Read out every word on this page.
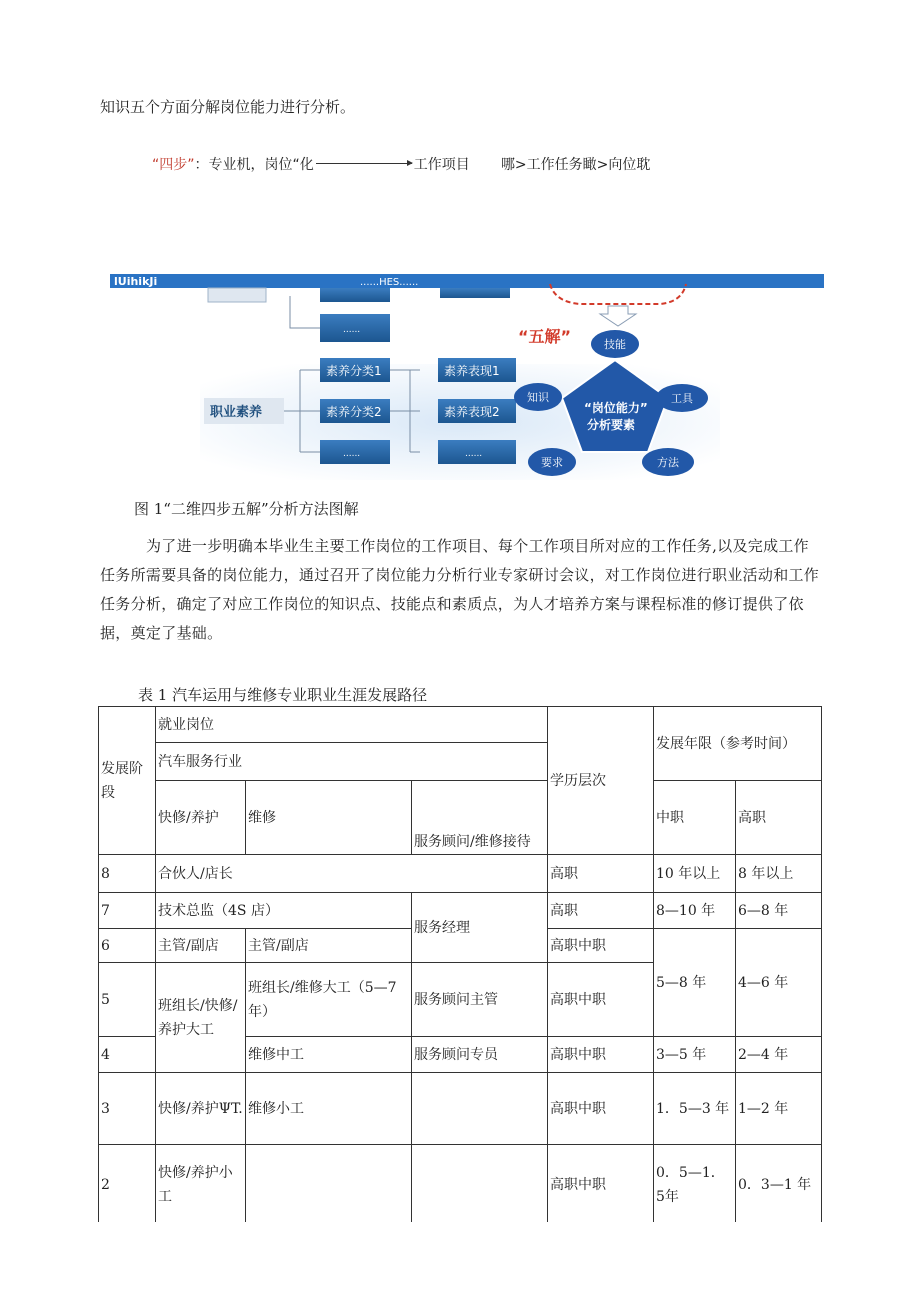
知识五个方面分解岗位能力进行分析。
“四步”：专业机，岗位“化	工作项目 哪>工作任务瞰>向位耽
lUihikJi	......HES......
......
职业素养
素养分类1
素养分类2
......
素养表现1
素养表现2
......
“五解”
“岗位能力”
分析要素
技能
知识	工具
要求	方法
图 1“二维四步五解”分析方法图解
为了进一步明确本毕业生主要工作岗位的工作项目、每个工作项目所对应的工作任务,以及完成工作任务所需要具备的岗位能力，通过召开了岗位能力分析行业专家研讨会议，对工作岗位进行职业活动和工作任务分析，确定了对应工作岗位的知识点、技能点和素质点，为人才培养方案与课程标准的修订提供了依据，奠定了基础。
表 1 汽车运用与维修专业职业生涯发展路径
发展阶段	就业岗位			学历层次	发展年限（参考时间）	
	汽车服务行业					
	快修/养护	维修	服务顾问/维修接待		中职	高职
8	合伙人/店长			高职	10 年以上	8 年以上
7	技术总监（4S 店）		服务经理	高职	8—10 年	6—8 年
6	主管/副店	主管/副店		高职中职	5—8 年	4—6 年
5	班组长/快修/养护大工	班组长/维修大工（5—7 年）	服务顾问主管	高职中职		
4		维修中工	服务顾问专员	高职中职	3—5 年	2—4 年
3	快修/养护ΨT.	维修小工		高职中职	1．5—3 年	1—2 年
2	快修/养护小工			高职中职	0．5—1．5年	0．3—1 年
